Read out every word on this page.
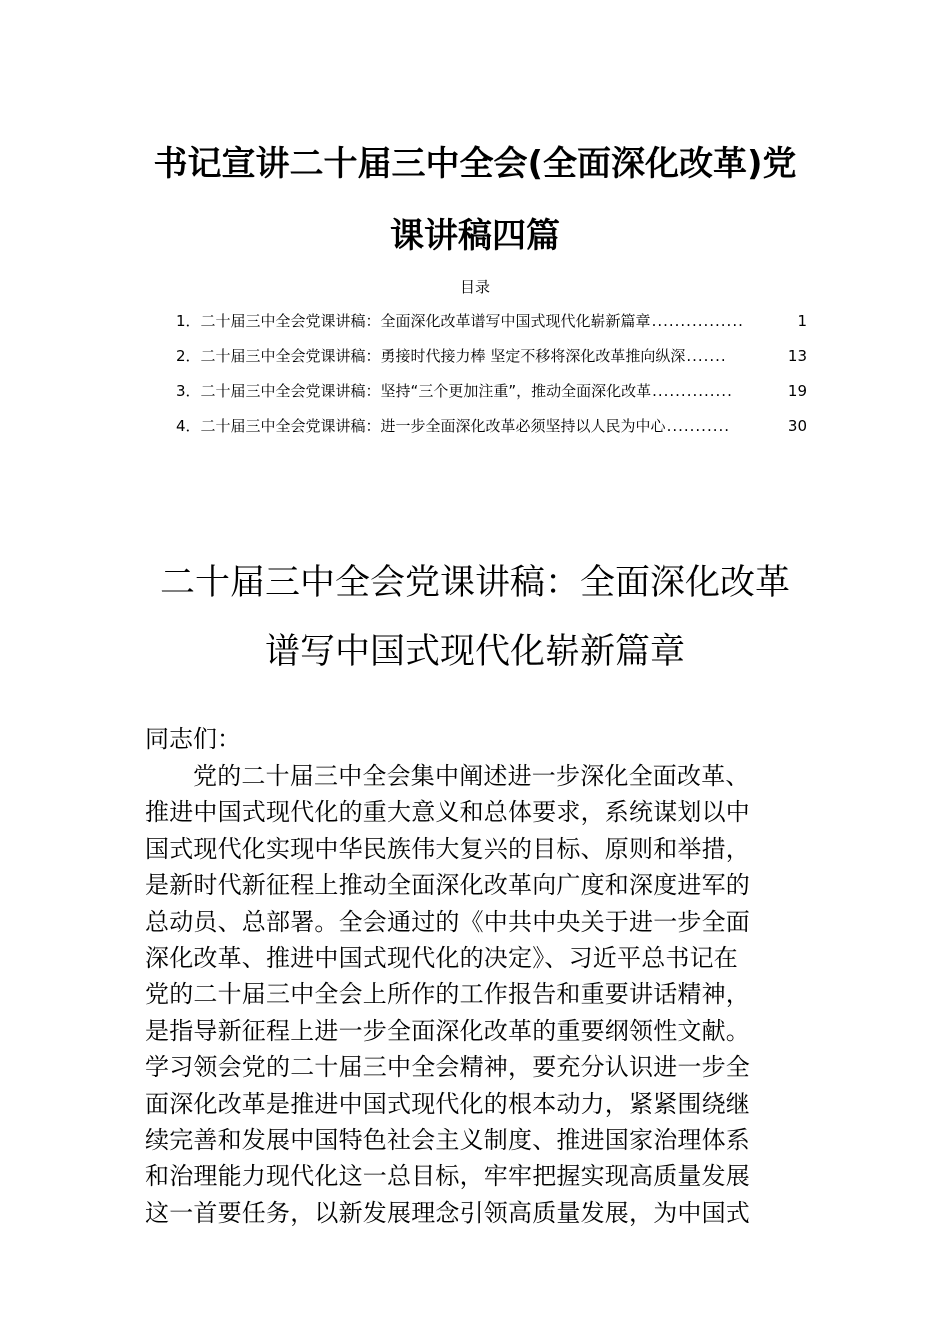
书记宣讲二十届三中全会(全面深化改革)党
课讲稿四篇
目录
1． 二十届三中全会党课讲稿：全面深化改革谱写中国式现代化崭新篇章 ................	1
2． 二十届三中全会党课讲稿：勇接时代接力棒 坚定不移将深化改革推向纵深 .......	13
3． 二十届三中全会党课讲稿：坚持“三个更加注重”，推动全面深化改革 ..............	19
4． 二十届三中全会党课讲稿：进一步全面深化改革必须坚持以人民为中心 ...........	30
二十届三中全会党课讲稿：全面深化改革
谱写中国式现代化崭新篇章
同志们：
党的二十届三中全会集中阐述进一步深化全面改革、
推进中国式现代化的重大意义和总体要求，系统谋划以中
国式现代化实现中华民族伟大复兴的目标、原则和举措，
是新时代新征程上推动全面深化改革向广度和深度进军的
总动员、总部署。全会通过的《中共中央关于进一步全面
深化改革、推进中国式现代化的决定》、习近平总书记在
党的二十届三中全会上所作的工作报告和重要讲话精神，
是指导新征程上进一步全面深化改革的重要纲领性文献。
学习领会党的二十届三中全会精神，要充分认识进一步全
面深化改革是推进中国式现代化的根本动力，紧紧围绕继
续完善和发展中国特色社会主义制度、推进国家治理体系
和治理能力现代化这一总目标，牢牢把握实现高质量发展
这一首要任务，以新发展理念引领高质量发展，为中国式
